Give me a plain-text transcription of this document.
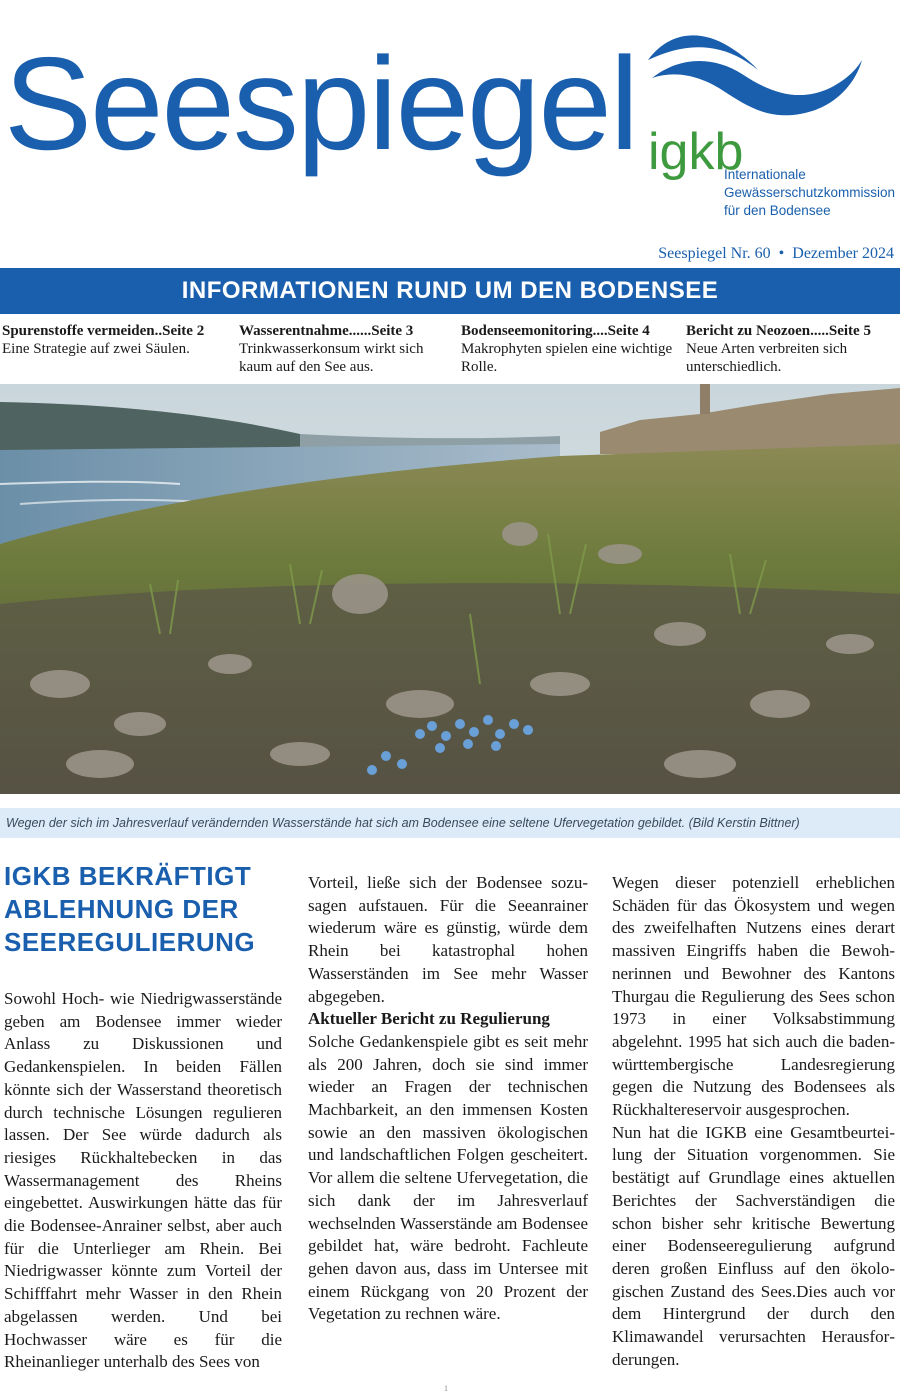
Seespiegel igkb
Internationale
Gewässerschutzkommission
für den Bodensee
Seespiegel Nr. 60  •  Dezember 2024
INFORMATIONEN RUND UM DEN BODENSEE
Spurenstoffe vermeiden..Seite 2
Eine Strategie auf zwei Säulen.
Wasserentnahme......Seite 3
Trinkwasserkonsum wirkt sich kaum auf den See aus.
Bodenseemonitoring....Seite 4
Makrophyten spielen eine wichtige Rolle.
Bericht zu Neozoen.....Seite 5
Neue Arten verbreiten sich unterschiedlich.
Wegen der sich im Jahresverlauf verändernden Wasserstände hat sich am Bodensee eine seltene Ufervegetation gebildet. (Bild Kerstin Bittner)
IGKB BEKRÄFTIGT
ABLEHNUNG DER
SEEREGULIERUNG

Sowohl Hoch- wie Niedrigwasserstände geben am Bodensee immer wieder Anlass zu Diskussionen und Gedankenspielen. In beiden Fällen könnte sich der Wasserstand theoretisch durch technische Lösungen regulieren lassen. Der See würde dadurch als riesiges Rückhaltebecken in das Wassermanagement des Rheins eingebettet. Auswirkungen hätte das für die Bodensee-Anrainer selbst, aber auch für die Unterlieger am Rhein. Bei Niedrigwasser könnte zum Vorteil der Schifffahrt mehr Wasser in den Rhein abgelassen werden. Und bei Hochwasser wäre es für die Rheinanlieger unterhalb des Sees von

Vorteil, ließe sich der Bodensee sozusagen aufstauen. Für die Seeanrainer wiederum wäre es günstig, würde dem Rhein bei katastrophal hohen Wasserständen im See mehr Wasser abgegeben.

Aktueller Bericht zu Regulierung

Solche Gedankenspiele gibt es seit mehr als 200 Jahren, doch sie sind immer wieder an Fragen der technischen Machbarkeit, an den immensen Kosten sowie an den massiven ökologischen und landschaftlichen Folgen gescheitert. Vor allem die seltene Ufervegetation, die sich dank der im Jahresverlauf wechselnden Wasserstände am Bodensee gebildet hat, wäre bedroht. Fachleute gehen davon aus, dass im Untersee mit einem Rückgang von 20 Prozent der Vegetation zu rechnen wäre.

Wegen dieser potenziell erheblichen Schäden für das Ökosystem und wegen des zweifelhaften Nutzens eines derart massiven Eingriffs haben die Bewohnerinnen und Bewohner des Kantons Thurgau die Regulierung des Sees schon 1973 in einer Volksabstimmung abgelehnt. 1995 hat sich auch die baden-württembergische Landesregierung gegen die Nutzung des Bodensees als Rückhaltereservoir ausgesprochen.

Nun hat die IGKB eine Gesamtbeurteilung der Situation vorgenommen. Sie bestätigt auf Grundlage eines aktuellen Berichtes der Sachverständigen die schon bisher sehr kritische Bewertung einer Bodenseeregulierung aufgrund deren großen Einfluss auf den ökologischen Zustand des Sees.Dies auch vor dem Hintergrund der durch den Klimawandel verursachten Herausforderungen.

1
